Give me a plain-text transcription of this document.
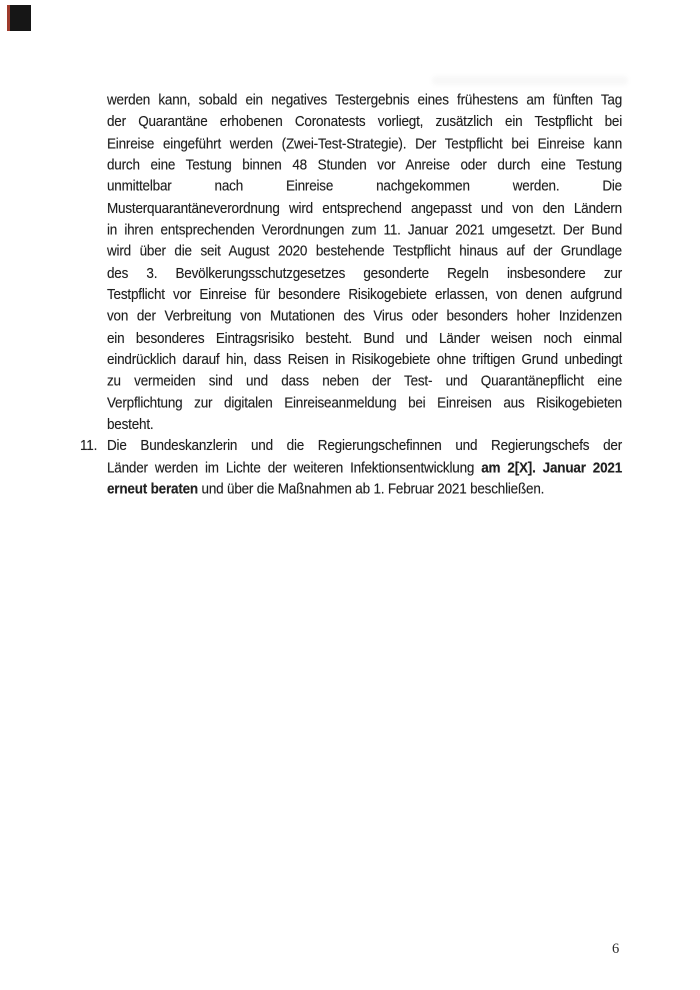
werden kann, sobald ein negatives Testergebnis eines frühestens am fünften Tag
der Quarantäne erhobenen Coronatests vorliegt, zusätzlich ein Testpflicht bei
Einreise eingeführt werden (Zwei-Test-Strategie). Der Testpflicht bei Einreise kann
durch eine Testung binnen 48 Stunden vor Anreise oder durch eine Testung
unmittelbar nach Einreise nachgekommen werden. Die
Musterquarantäneverordnung wird entsprechend angepasst und von den Ländern
in ihren entsprechenden Verordnungen zum 11. Januar 2021 umgesetzt. Der Bund
wird über die seit August 2020 bestehende Testpflicht hinaus auf der Grundlage
des 3. Bevölkerungsschutzgesetzes gesonderte Regeln insbesondere zur
Testpflicht vor Einreise für besondere Risikogebiete erlassen, von denen aufgrund
von der Verbreitung von Mutationen des Virus oder besonders hoher Inzidenzen
ein besonderes Eintragsrisiko besteht. Bund und Länder weisen noch einmal
eindrücklich darauf hin, dass Reisen in Risikogebiete ohne triftigen Grund unbedingt
zu vermeiden sind und dass neben der Test- und Quarantänepflicht eine
Verpflichtung zur digitalen Einreiseanmeldung bei Einreisen aus Risikogebieten
besteht.
11. Die Bundeskanzlerin und die Regierungschefinnen und Regierungschefs der
Länder werden im Lichte der weiteren Infektionsentwicklung am 2[X]. Januar 2021
erneut beraten und über die Maßnahmen ab 1. Februar 2021 beschließen.
6
